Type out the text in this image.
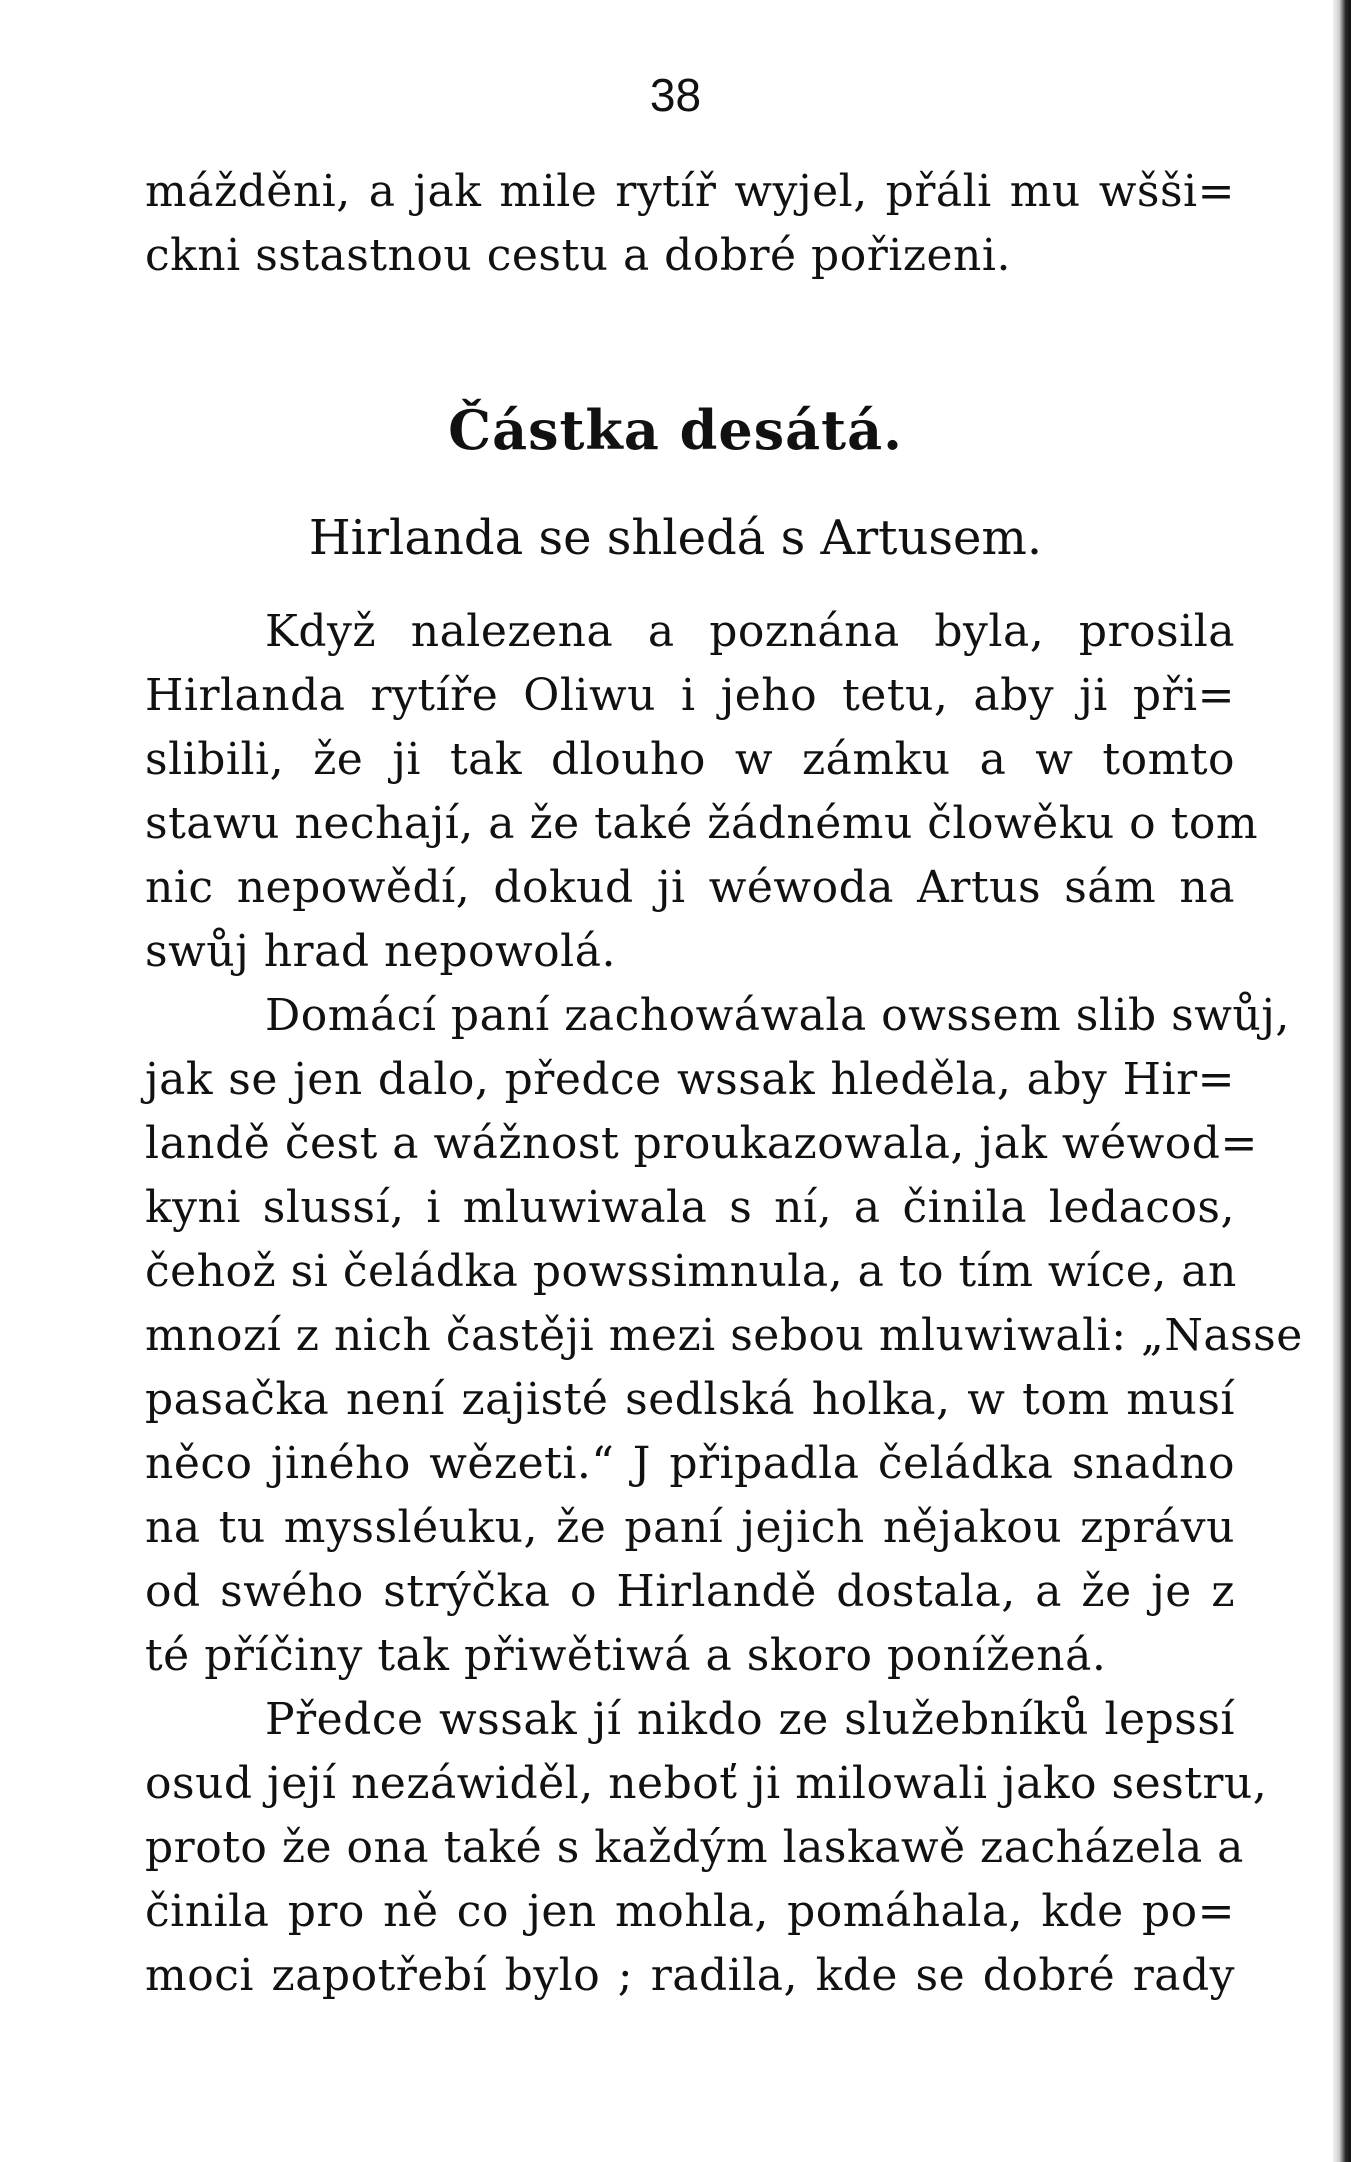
38
mážděni, a jak mile rytíř wyjel, přáli mu wšši=
ckni sstastnou cestu a dobré pořizeni.
Částka desátá.
Hirlanda se shledá s Artusem.
Když nalezena a poznána byla, prosila
Hirlanda rytíře Oliwu i jeho tetu, aby ji při=
slibili, že ji tak dlouho w zámku a w tomto
stawu nechají, a že také žádnému člowěku o tom
nic nepowědí, dokud ji wéwoda Artus sám na
swůj hrad nepowolá.
Domácí paní zachowáwala owssem slib swůj,
jak se jen dalo, předce wssak hleděla, aby Hir=
landě čest a wážnost proukazowala, jak wéwod=
kyni slussí, i mluwiwala s ní, a činila ledacos,
čehož si čeládka powssimnula, a to tím wíce, an
mnozí z nich častěji mezi sebou mluwiwali: „Nasse
pasačka není zajisté sedlská holka, w tom musí
něco jiného wězeti.“ J připadla čeládka snadno
na tu myssléuku, že paní jejich nějakou zprávu
od swého strýčka o Hirlandě dostala, a že je z
té příčiny tak přiwětiwá a skoro ponížená.
Předce wssak jí nikdo ze služebníků lepssí
osud její nezáwiděl, neboť ji milowali jako sestru,
proto že ona také s každým laskawě zacházela a
činila pro ně co jen mohla, pomáhala, kde po=
moci zapotřebí bylo ; radila, kde se dobré rady
